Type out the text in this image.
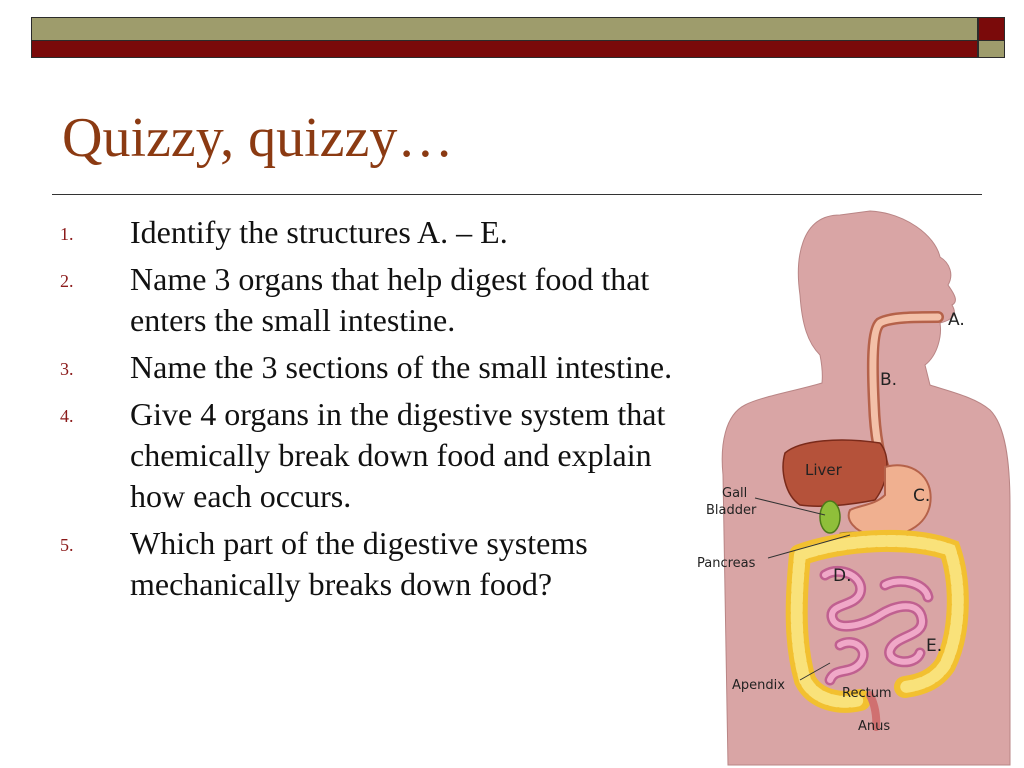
Quizzy, quizzy…
1. Identify the structures A. – E.
2. Name 3 organs that help digest food that enters the small intestine.
3. Name the 3 sections of the small intestine.
4. Give 4 organs in the digestive system that chemically break down food and explain how each occurs.
5. Which part of the digestive systems mechanically breaks down food?
A.
B.
Liver
C.
Gall
Bladder
Pancreas
D.
E.
Apendix
Rectum
Anus
